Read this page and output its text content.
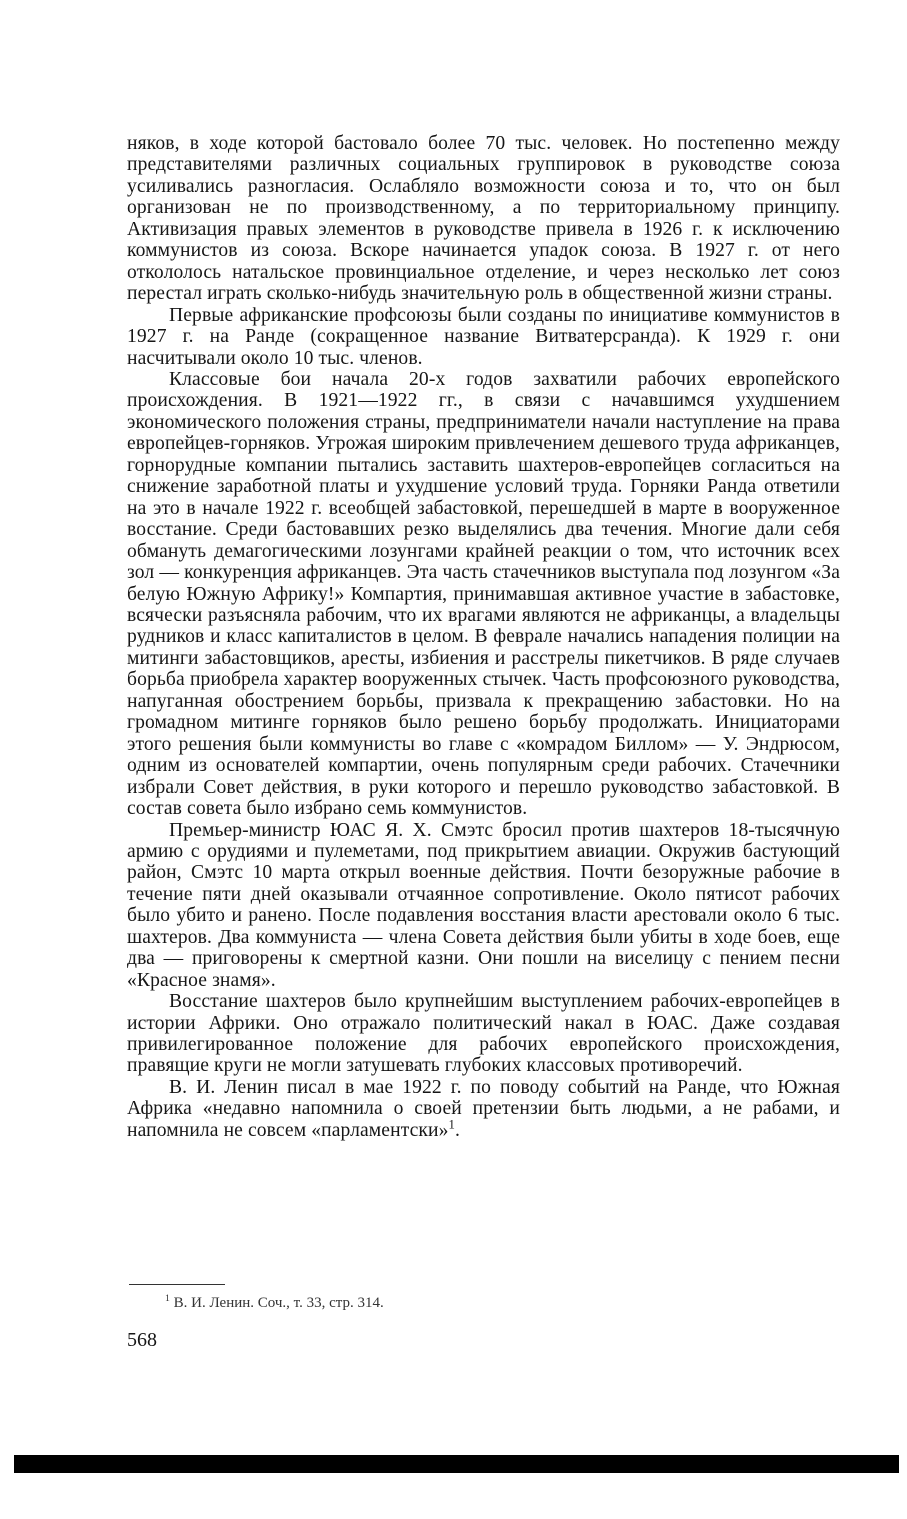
няков, в ходе которой бастовало более 70 тыс. человек. Но постепенно между представителями различных социальных группировок в руководстве союза усиливались разногласия. Ослабляло возможности союза и то, что он был организован не по производственному, а по территориальному принципу. Активизация правых элементов в руководстве привела в 1926 г. к исключению коммунистов из союза. Вскоре начинается упадок союза. В 1927 г. от него откололось натальское провинциальное отделение, и через несколько лет союз перестал играть сколько-нибудь значительную роль в общественной жизни страны.

Первые африканские профсоюзы были созданы по инициативе коммунистов в 1927 г. на Ранде (сокращенное название Витватерсранда). К 1929 г. они насчитывали около 10 тыс. членов.

Классовые бои начала 20-х годов захватили рабочих европейского происхождения. В 1921—1922 гг., в связи с начавшимся ухудшением экономического положения страны, предприниматели начали наступление на права европейцев-горняков. Угрожая широким привлечением дешевого труда африканцев, горнорудные компании пытались заставить шахтеров-европейцев согласиться на снижение заработной платы и ухудшение условий труда. Горняки Ранда ответили на это в начале 1922 г. всеобщей забастовкой, перешедшей в марте в вооруженное восстание. Среди бастовавших резко выделялись два течения. Многие дали себя обмануть демагогическими лозунгами крайней реакции о том, что источник всех зол — конкуренция африканцев. Эта часть стачечников выступала под лозунгом «За белую Южную Африку!» Компартия, принимавшая активное участие в забастовке, всячески разъясняла рабочим, что их врагами являются не африканцы, а владельцы рудников и класс капиталистов в целом. В феврале начались нападения полиции на митинги забастовщиков, аресты, избиения и расстрелы пикетчиков. В ряде случаев борьба приобрела характер вооруженных стычек. Часть профсоюзного руководства, напуганная обострением борьбы, призвала к прекращению забастовки. Но на громадном митинге горняков было решено борьбу продолжать. Инициаторами этого решения были коммунисты во главе с «комрадом Биллом» — У. Эндрюсом, одним из основателей компартии, очень популярным среди рабочих. Стачечники избрали Совет действия, в руки которого и перешло руководство забастовкой. В состав совета было избрано семь коммунистов.

Премьер-министр ЮАС Я. Х. Смэтс бросил против шахтеров 18-тысячную армию с орудиями и пулеметами, под прикрытием авиации. Окружив бастующий район, Смэтс 10 марта открыл военные действия. Почти безоружные рабочие в течение пяти дней оказывали отчаянное сопротивление. Около пятисот рабочих было убито и ранено. После подавления восстания власти арестовали около 6 тыс. шахтеров. Два коммуниста — члена Совета действия были убиты в ходе боев, еще два — приговорены к смертной казни. Они пошли на виселицу с пением песни «Красное знамя».

Восстание шахтеров было крупнейшим выступлением рабочих-европейцев в истории Африки. Оно отражало политический накал в ЮАС. Даже создавая привилегированное положение для рабочих европейского происхождения, правящие круги не могли затушевать глубоких классовых противоречий.

В. И. Ленин писал в мае 1922 г. по поводу событий на Ранде, что Южная Африка «недавно напомнила о своей претензии быть людьми, а не рабами, и напомнила не совсем «парламентски»$^1$.

$^1$ В. И. Ленин. Соч., т. 33, стр. 314.
568
